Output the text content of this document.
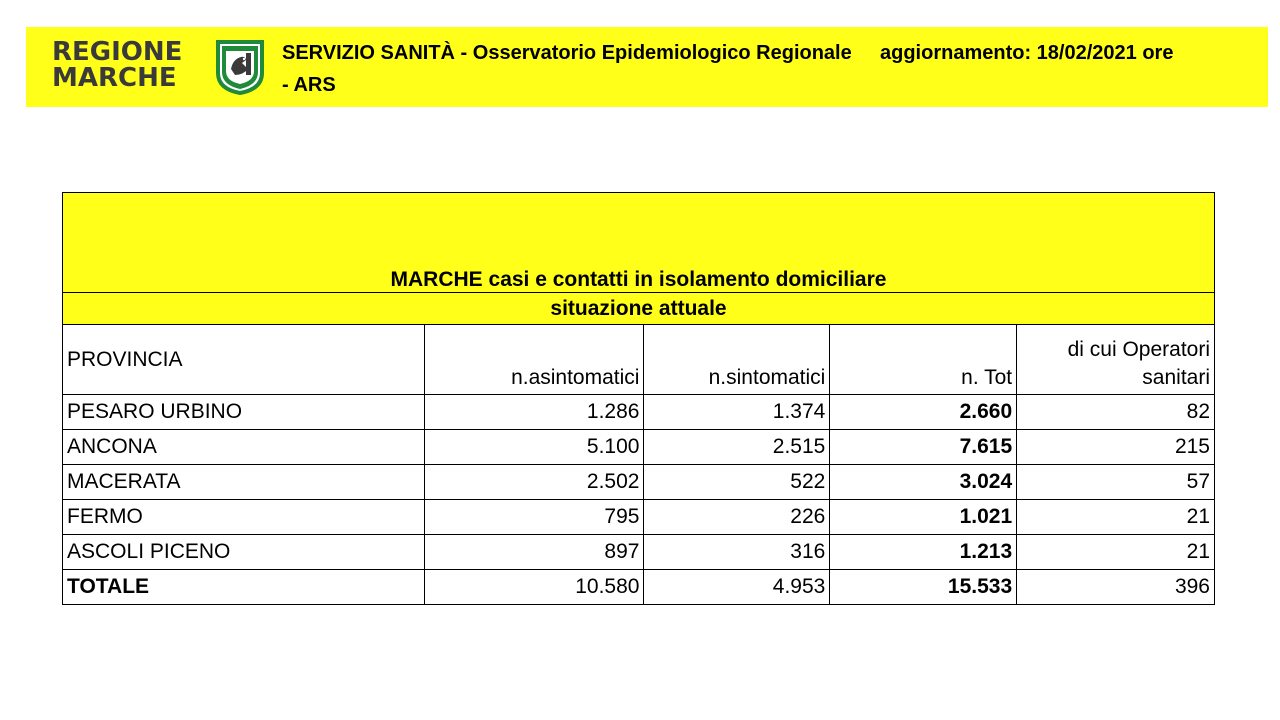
REGIONE
MARCHE
SERVIZIO SANITÀ - Osservatorio Epidemiologico Regionale - ARS
aggiornamento: 18/02/2021 ore
MARCHE casi e contatti in isolamento domiciliare				
situazione attuale				
PROVINCIA	n.asintomatici	n.sintomatici	n. Tot	di cui Operatori
sanitari

PESARO URBINO	1.286	1.374	2.660	82
ANCONA	5.100	2.515	7.615	215
MACERATA	2.502	522	3.024	57
FERMO	795	226	1.021	21
ASCOLI PICENO	897	316	1.213	21
TOTALE	10.580	4.953	15.533	396
